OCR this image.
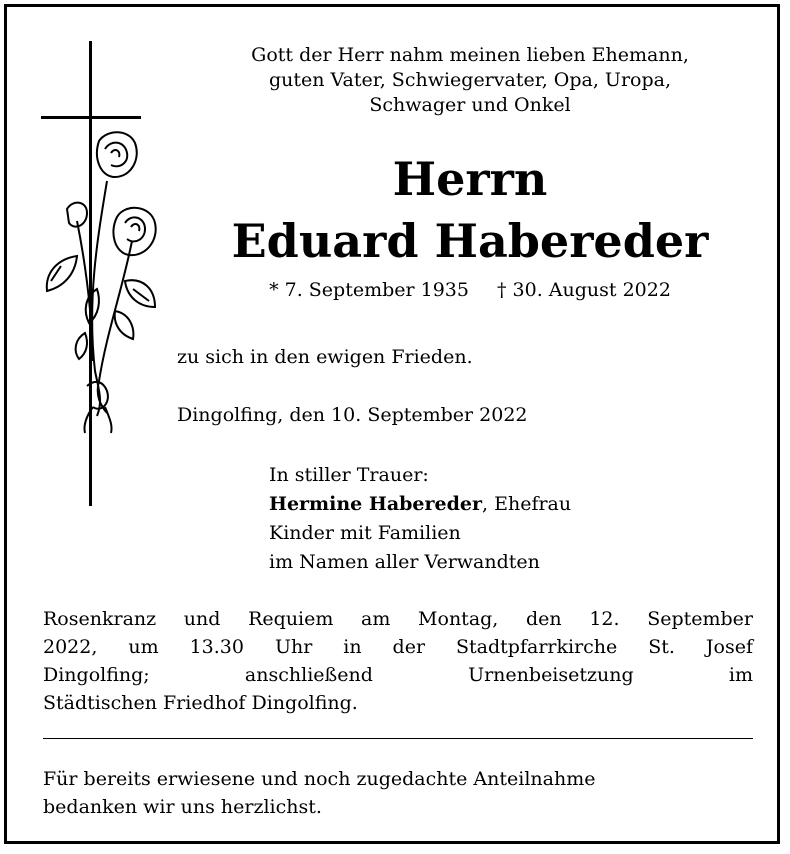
Gott der Herr nahm meinen lieben Ehemann,
guten Vater, Schwiegervater, Opa, Uropa,
Schwager und Onkel
Herrn
Eduard Habereder
* 7. September 1935 † 30. August 2022
zu sich in den ewigen Frieden.
Dingolfing, den 10. September 2022
In stiller Trauer:
Hermine Habereder, Ehefrau
Kinder mit Familien
im Namen aller Verwandten
Rosenkranz und Requiem am Montag, den 12. September
2022, um 13.30 Uhr in der Stadtpfarrkirche St. Josef
Dingolfing; anschließend Urnenbeisetzung im
Städtischen Friedhof Dingolfing.
Für bereits erwiesene und noch zugedachte Anteilnahme
bedanken wir uns herzlichst.
